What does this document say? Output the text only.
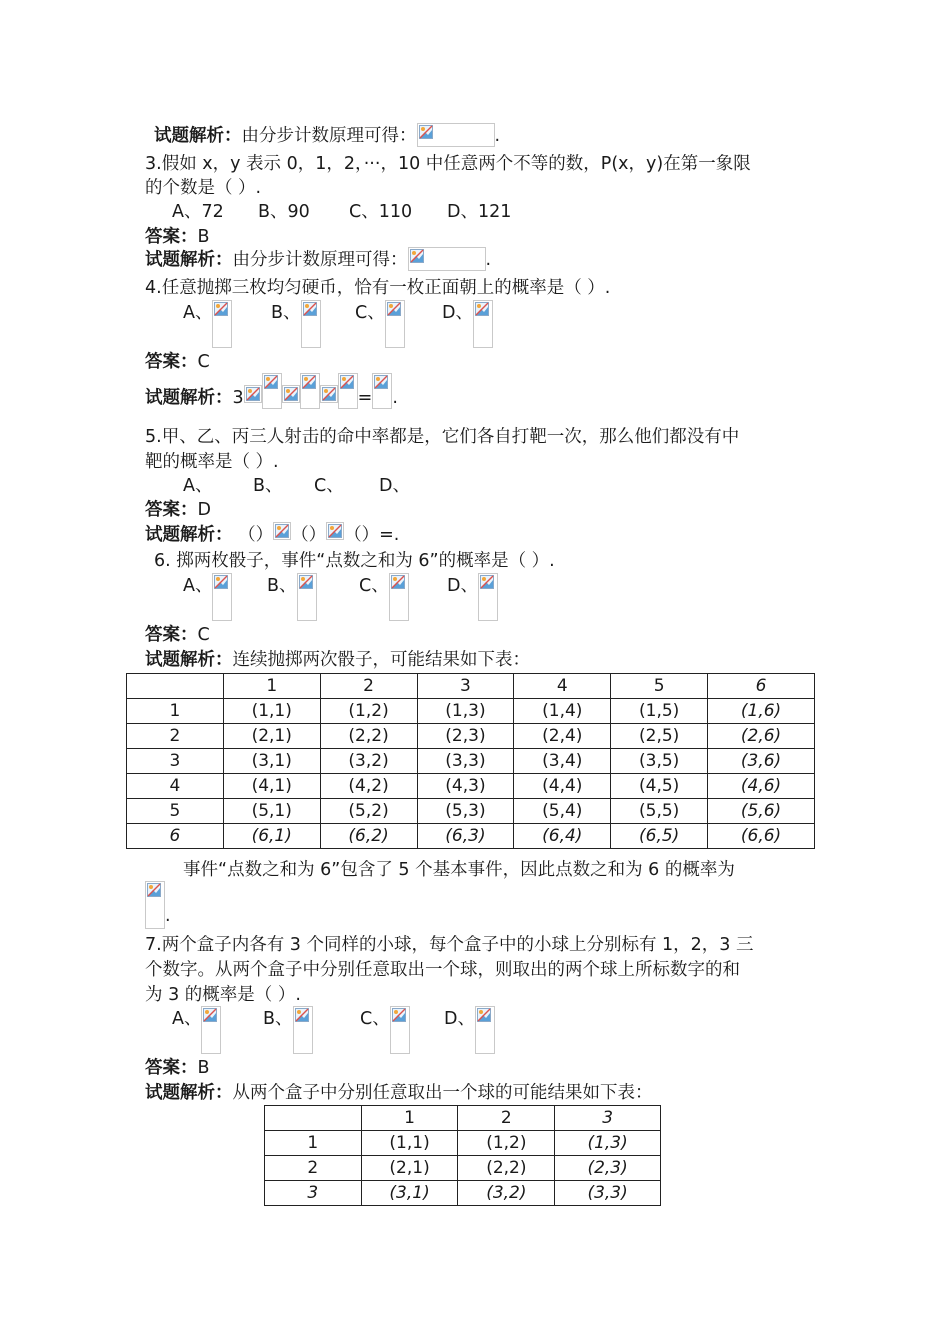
试题解析：由分步计数原理可得：	.
3.假如 x，y 表示 0，1，2，···，10 中任意两个不等的数，P(x，y)在第一象限
的个数是（ ）.
A、72 B、90 C、110 D、121
答案：B
试题解析：由分步计数原理可得：	.
4.任意抛掷三枚均匀硬币，恰有一枚正面朝上的概率是（ ）.
A、	B、	C、	D、
答案：C
试题解析：3	= .
5.甲、乙、丙三人射击的命中率都是，它们各自打靶一次，那么他们都没有中
靶的概率是（ ）.
A、 B、 C、 D、
答案：D
试题解析： （） （） （）=.
6. 掷两枚骰子，事件“点数之和为 6”的概率是（ ）.
A、	B、	C、	D、
答案：C
试题解析：连续抛掷两次骰子，可能结果如下表：
	1	2	3	4	5	6
1	(1,1)	(1,2)	(1,3)	(1,4)	(1,5)	(1,6)
2	(2,1)	(2,2)	(2,3)	(2,4)	(2,5)	(2,6)
3	(3,1)	(3,2)	(3,3)	(3,4)	(3,5)	(3,6)
4	(4,1)	(4,2)	(4,3)	(4,4)	(4,5)	(4,6)
5	(5,1)	(5,2)	(5,3)	(5,4)	(5,5)	(5,6)
6	(6,1)	(6,2)	(6,3)	(6,4)	(6,5)	(6,6)
事件“点数之和为 6”包含了 5 个基本事件，因此点数之和为 6 的概率为
.
7.两个盒子内各有 3 个同样的小球，每个盒子中的小球上分别标有 1，2，3 三
个数字。从两个盒子中分别任意取出一个球，则取出的两个球上所标数字的和
为 3 的概率是（ ）.
A、	B、	C、	D、
答案：B
试题解析：从两个盒子中分别任意取出一个球的可能结果如下表：
	1	2	3
1	(1,1)	(1,2)	(1,3)
2	(2,1)	(2,2)	(2,3)
3	(3,1)	(3,2)	(3,3)
